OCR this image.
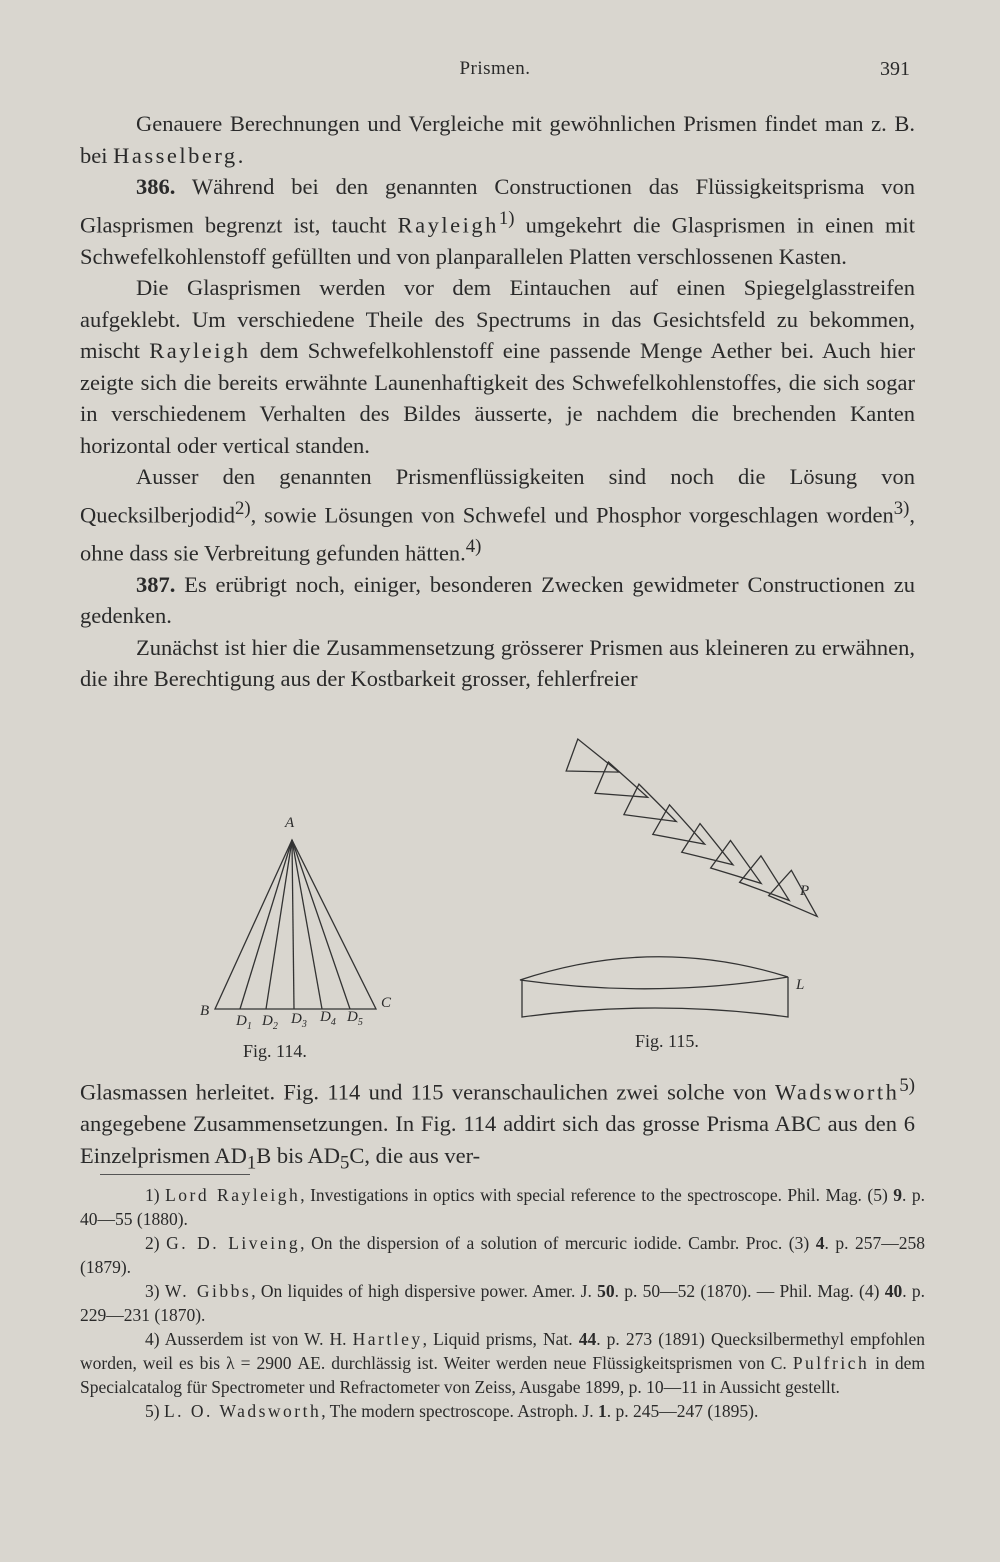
Prismen.	391

Genauere Berechnungen und Vergleiche mit gewöhnlichen Prismen findet man z. B. bei Hasselberg.

386. Während bei den genannten Constructionen das Flüssigkeitsprisma von Glasprismen begrenzt ist, taucht Rayleigh$^{1)}$ umgekehrt die Glasprismen in einen mit Schwefelkohlenstoff gefüllten und von planparallelen Platten verschlossenen Kasten.

Die Glasprismen werden vor dem Eintauchen auf einen Spiegelglasstreifen aufgeklebt. Um verschiedene Theile des Spectrums in das Gesichtsfeld zu bekommen, mischt Rayleigh dem Schwefelkohlenstoff eine passende Menge Aether bei. Auch hier zeigte sich die bereits erwähnte Launenhaftigkeit des Schwefelkohlenstoffes, die sich sogar in verschiedenem Verhalten des Bildes äusserte, je nachdem die brechenden Kanten horizontal oder vertical standen.

Ausser den genannten Prismenflüssigkeiten sind noch die Lösung von Quecksilberjodid$^{2)}$, sowie Lösungen von Schwefel und Phosphor vorgeschlagen worden$^{3)}$, ohne dass sie Verbreitung gefunden hätten.$^{4)}$

387. Es erübrigt noch, einiger, besonderen Zwecken gewidmeter Constructionen zu gedenken.

Zunächst ist hier die Zusammensetzung grösserer Prismen aus kleineren zu erwähnen, die ihre Berechtigung aus der Kostbarkeit grosser, fehlerfreier

A
B	C
$D_1$ $D_2$ $D_3$ $D_4$ $D_5$
Fig. 114.
P
L
Fig. 115.

Glasmassen herleitet. Fig. 114 und 115 veranschaulichen zwei solche von Wadsworth$^{5)}$ angegebene Zusammensetzungen. In Fig. 114 addirt sich das grosse Prisma ABC aus den 6 Einzelprismen $AD_1B$ bis $AD_5C$, die aus ver-

1) Lord Rayleigh, Investigations in optics with special reference to the spectroscope. Phil. Mag. (5) 9. p. 40—55 (1880).

2) G. D. Liveing, On the dispersion of a solution of mercuric iodide. Cambr. Proc. (3) 4. p. 257—258 (1879).

3) W. Gibbs, On liquides of high dispersive power. Amer. J. 50. p. 50—52 (1870). — Phil. Mag. (4) 40. p. 229—231 (1870).

4) Ausserdem ist von W. H. Hartley, Liquid prisms, Nat. 44. p. 273 (1891) Quecksilbermethyl empfohlen worden, weil es bis λ = 2900 AE. durchlässig ist. Weiter werden neue Flüssigkeitsprismen von C. Pulfrich in dem Specialcatalog für Spectrometer und Refractometer von Zeiss, Ausgabe 1899, p. 10—11 in Aussicht gestellt.

5) L. O. Wadsworth, The modern spectroscope. Astroph. J. 1. p. 245—247 (1895).
